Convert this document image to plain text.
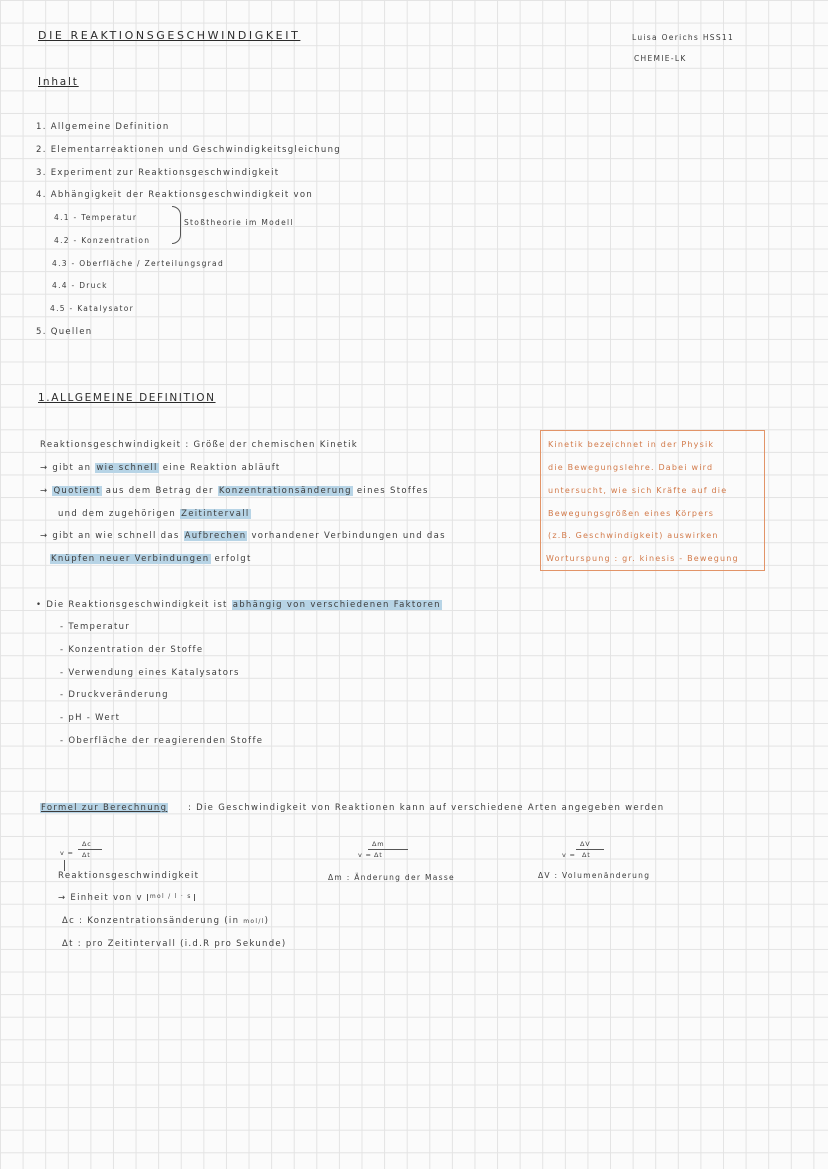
DIE REAKTIONSGESCHWINDIGKEIT	Luisa Oerichs HSS11
CHEMIE-LK
Inhalt
1. Allgemeine Definition
2. Elementarreaktionen und Geschwindigkeitsgleichung
3. Experiment zur Reaktionsgeschwindigkeit
4. Abhängigkeit der Reaktionsgeschwindigkeit von
4.1 - Temperatur
4.2 - Konzentration
Stoßtheorie im Modell
4.3 - Oberfläche / Zerteilungsgrad
4.4 - Druck
4.5 - Katalysator
5. Quellen
1.ALLGEMEINE DEFINITION
Reaktionsgeschwindigkeit : Größe der chemischen Kinetik
→ gibt an wie schnell eine Reaktion abläuft
→ Quotient aus dem Betrag der Konzentrationsänderung eines Stoffes
und dem zugehörigen Zeitintervall
→ gibt an wie schnell das Aufbrechen vorhandener Verbindungen und das
Knüpfen neuer Verbindungen erfolgt
Kinetik bezeichnet in der Physik
die Bewegungslehre. Dabei wird
untersucht, wie sich Kräfte auf die
Bewegungsgrößen eines Körpers
(z.B. Geschwindigkeit) auswirken
Worturspung : gr. kinesis - Bewegung
• Die Reaktionsgeschwindigkeit ist abhängig von verschiedenen Faktoren
- Temperatur
- Konzentration der Stoffe
- Verwendung eines Katalysators
- Druckveränderung
- pH - Wert
- Oberfläche der reagierenden Stoffe
Formel zur Berechnung : Die Geschwindigkeit von Reaktionen kann auf verschiedene Arten angegeben werden
v =
Δc
Δt
Reaktionsgeschwindigkeit
→ Einheit von v mol / l · s
Δc : Konzentrationsänderung (in mol/l)
Δt : pro Zeitintervall (i.d.R pro Sekunde)
v =
Δm
Δt
Δm : Änderung der Masse
v =
ΔV
Δt
ΔV : Volumenänderung
